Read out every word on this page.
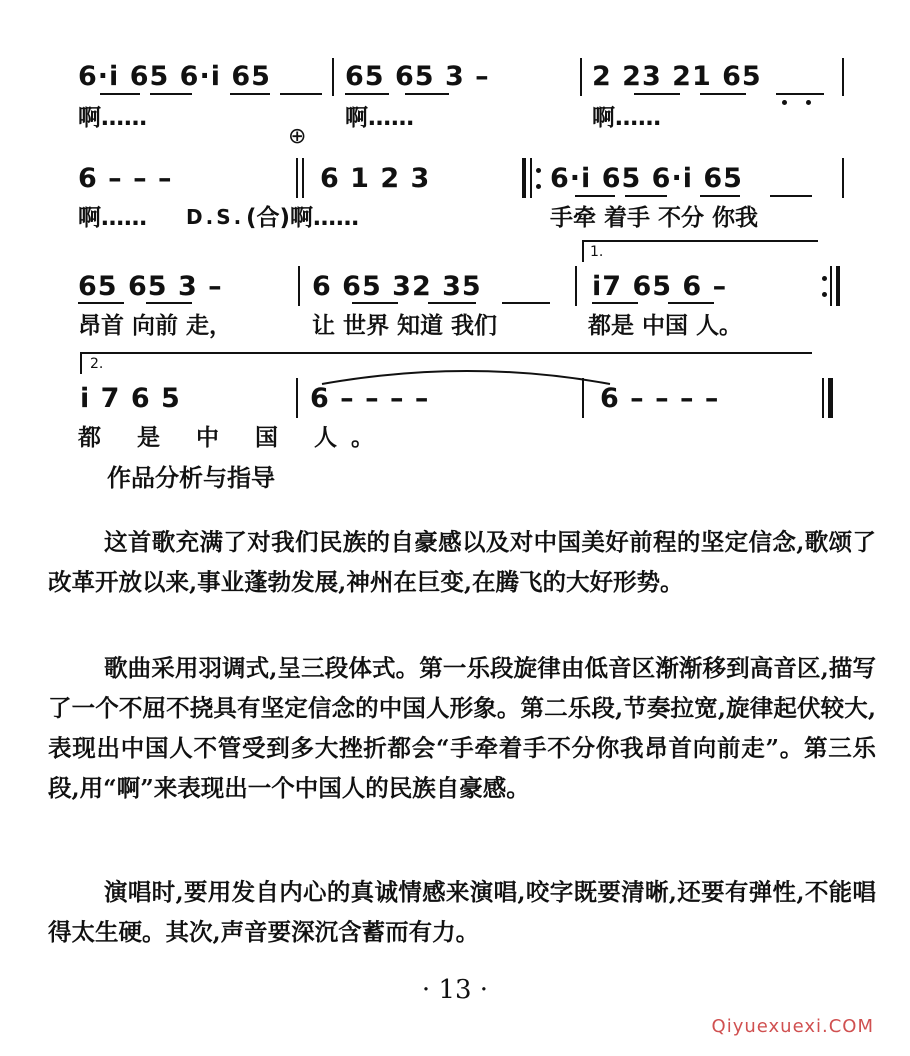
6·i̇ 65 6·i̇ 65	65 65 3 –	2 23 21 65
啊……	啊……	啊……
⊕
6 – – –	6 1 2 3	6·i̇ 65 6·i̇ 65
啊…… D.S. (合)啊……	手牵 着手 不分 你我
1.
65 65 3 –	6 65 32 35	i̇7 65 6 –
昂首 向前 走，	让 世界 知道 我们	都是 中国 人。
2.
i̇ 7 6 5	6 – – – –	6 – – – –
都 是 中 国 人。
作品分析与指导
这首歌充满了对我们民族的自豪感以及对中国美好前程的坚定信念,歌颂了改革开放以来,事业蓬勃发展,神州在巨变,在腾飞的大好形势。
歌曲采用羽调式,呈三段体式。第一乐段旋律由低音区渐渐移到高音区,描写了一个不屈不挠具有坚定信念的中国人形象。第二乐段,节奏拉宽,旋律起伏较大,表现出中国人不管受到多大挫折都会“手牵着手不分你我昂首向前走”。第三乐段,用“啊”来表现出一个中国人的民族自豪感。
演唱时,要用发自内心的真诚情感来演唱,咬字既要清晰,还要有弹性,不能唱得太生硬。其次,声音要深沉含蓄而有力。
· 13 ·
Qiyuexuexi.COM
